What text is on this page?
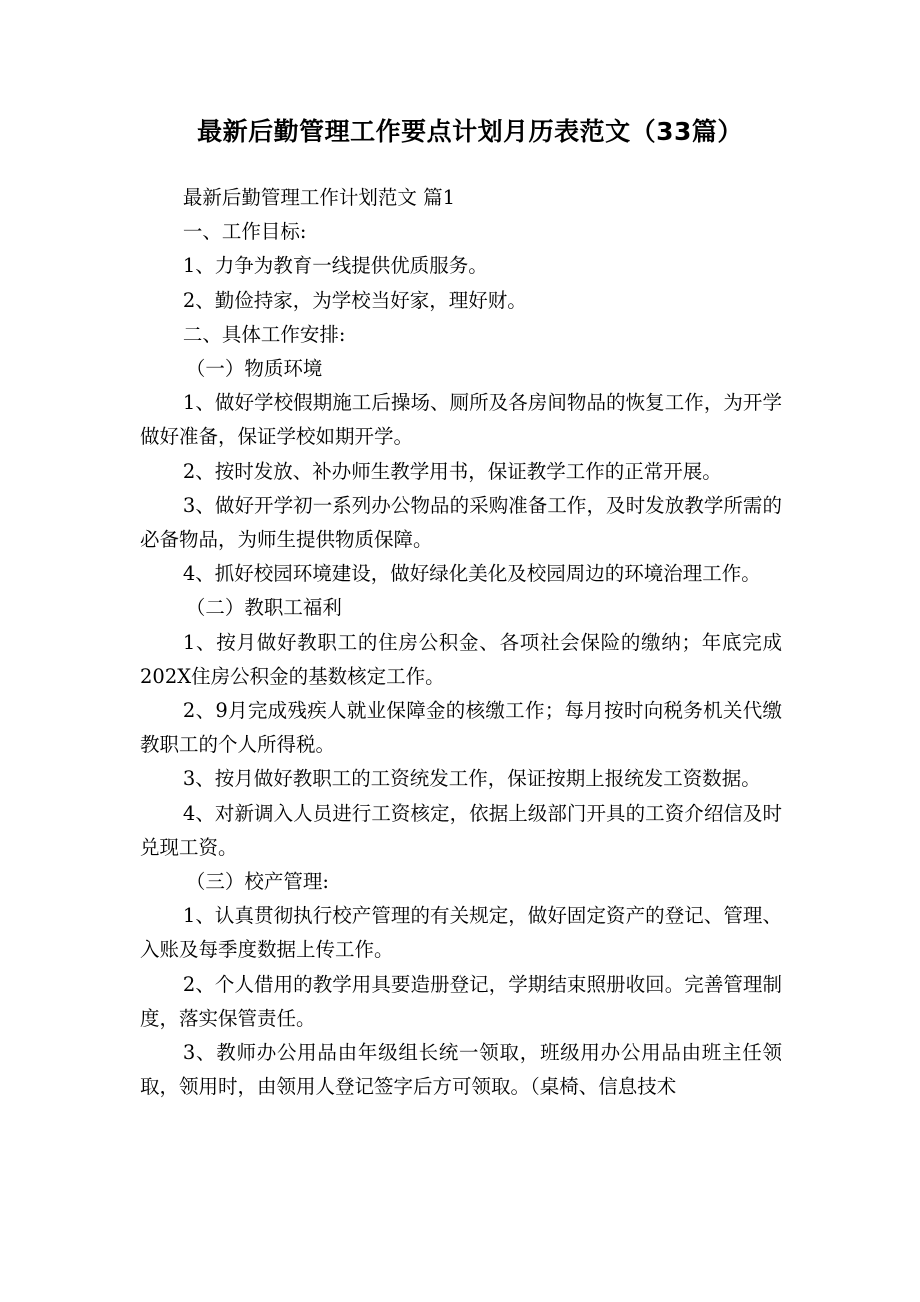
最新后勤管理工作要点计划月历表范文（33篇）

最新后勤管理工作计划范文 篇1

一、工作目标:

1、力争为教育一线提供优质服务。

2、勤俭持家，为学校当好家，理好财。

二、具体工作安排:

（一）物质环境

1、做好学校假期施工后操场、厕所及各房间物品的恢复工作，为开学做好准备，保证学校如期开学。

2、按时发放、补办师生教学用书，保证教学工作的正常开展。

3、做好开学初一系列办公物品的采购准备工作，及时发放教学所需的必备物品，为师生提供物质保障。

4、抓好校园环境建设，做好绿化美化及校园周边的环境治理工作。

（二）教职工福利

1、按月做好教职工的住房公积金、各项社会保险的缴纳；年底完成202X住房公积金的基数核定工作。

2、9月完成残疾人就业保障金的核缴工作；每月按时向税务机关代缴教职工的个人所得税。

3、按月做好教职工的工资统发工作，保证按期上报统发工资数据。

4、对新调入人员进行工资核定，依据上级部门开具的工资介绍信及时兑现工资。

（三）校产管理:

1、认真贯彻执行校产管理的有关规定，做好固定资产的登记、管理、入账及每季度数据上传工作。

2、个人借用的教学用具要造册登记，学期结束照册收回。完善管理制度，落实保管责任。

3、教师办公用品由年级组长统一领取，班级用办公用品由班主任领取，领用时，由领用人登记签字后方可领取。（桌椅、信息技术
